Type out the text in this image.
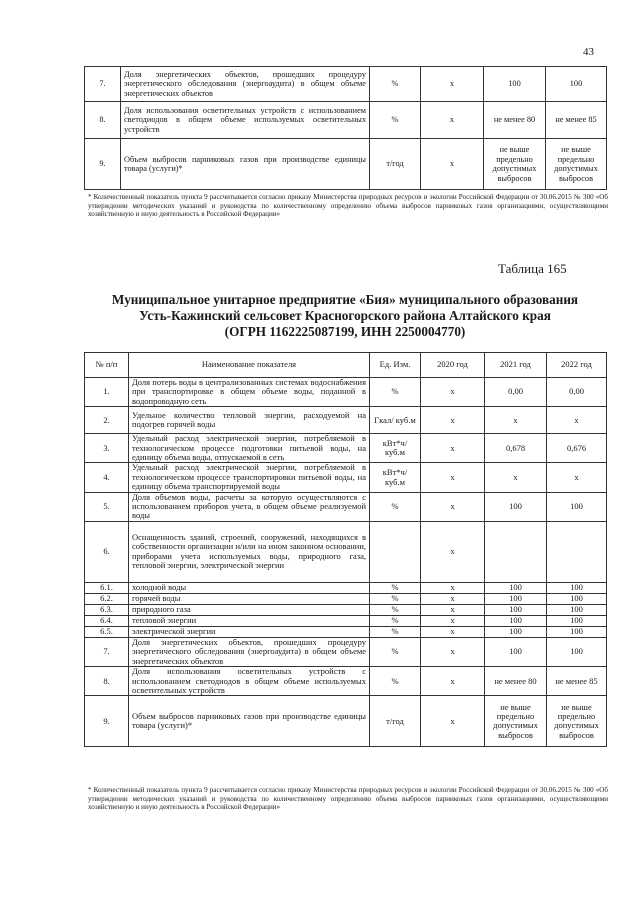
43
7.	Доля энергетических объектов, прошедших процедуру энергетического обследования (энергоаудита) в общем объеме энергетических объектов	%	х	100	100
8.	Доля использования осветительных устройств с использованием светодиодов в общем объеме используемых осветительных устройств	%	х	не менее 80	не менее 85
9.	Объем выбросов парниковых газов при производстве единицы товара (услуги)*	т/год	х	не выше предельно допустимых выбросов	не выше предельно допустимых выбросов
* Количественный показатель пункта 9 рассчитывается согласно приказу Министерства природных ресурсов и экологии Российской Федерации от 30.06.2015 № 300 «Об утверждении методических указаний и руководства по количественному определению объема выбросов парниковых газов организациями, осуществляющими хозяйственную и иную деятельность в Российской Федерации»
Таблица 165
Муниципальное унитарное предприятие «Бия» муниципального образования
Усть-Кажинский сельсовет Красногорского района Алтайского края
(ОГРН 1162225087199, ИНН 2250004770)
№ п/п	Наименование показателя	Ед. Изм.	2020 год	2021 год	2022 год
1.	Доля потерь воды в централизованных системах водоснабжения при транспортировке в общем объеме воды, поданной в водопроводную сеть	%	х	0,00	0,00
2.	Удельное количество тепловой энергии, расходуемой на подогрев горячей воды	Гкал/ куб.м	х	х	х
3.	Удельный расход электрической энергии, потребляемой в технологическом процессе подготовки питьевой воды, на единицу объема воды, отпускаемой в сеть	кВт*ч/ куб.м	х	0,678	0,676
4.	Удельный расход электрической энергии, потребляемой в технологическом процессе транспортировки питьевой воды, на единицу объема транспортируемой воды	кВт*ч/ куб.м	х	х	х
5.	Доля объемов воды, расчеты за которую осуществляются с использованием приборов учета, в общем объеме реализуемой воды	%	х	100	100
6.	Оснащенность зданий, строений, сооружений, находящихся в собственности организации и/или на ином законном основании, приборами учета используемых воды, природного газа, тепловой энергии, электрической энергии		х		
6.1.	холодной воды	%	х	100	100
6.2.	горячей воды	%	х	100	100
6.3.	природного газа	%	х	100	100
6.4.	тепловой энергии	%	х	100	100
6.5.	электрической энергии	%	х	100	100
7.	Доля энергетических объектов, прошедших процедуру энергетического обследования (энергоаудита) в общем объеме энергетических объектов	%	х	100	100
8.	Доля использования осветительных устройств с использованием светодиодов в общем объеме используемых осветительных устройств	%	х	не менее 80	не менее 85
9.	Объем выбросов парниковых газов при производстве единицы товара (услуги)*	т/год	х	не выше предельно допустимых выбросов	не выше предельно допустимых выбросов
* Количественный показатель пункта 9 рассчитывается согласно приказу Министерства природных ресурсов и экологии Российской Федерации от 30.06.2015 № 300 «Об утверждении методических указаний и руководства по количественному определению объема выбросов парниковых газов организациями, осуществляющими хозяйственную и иную деятельность в Российской Федерации»
